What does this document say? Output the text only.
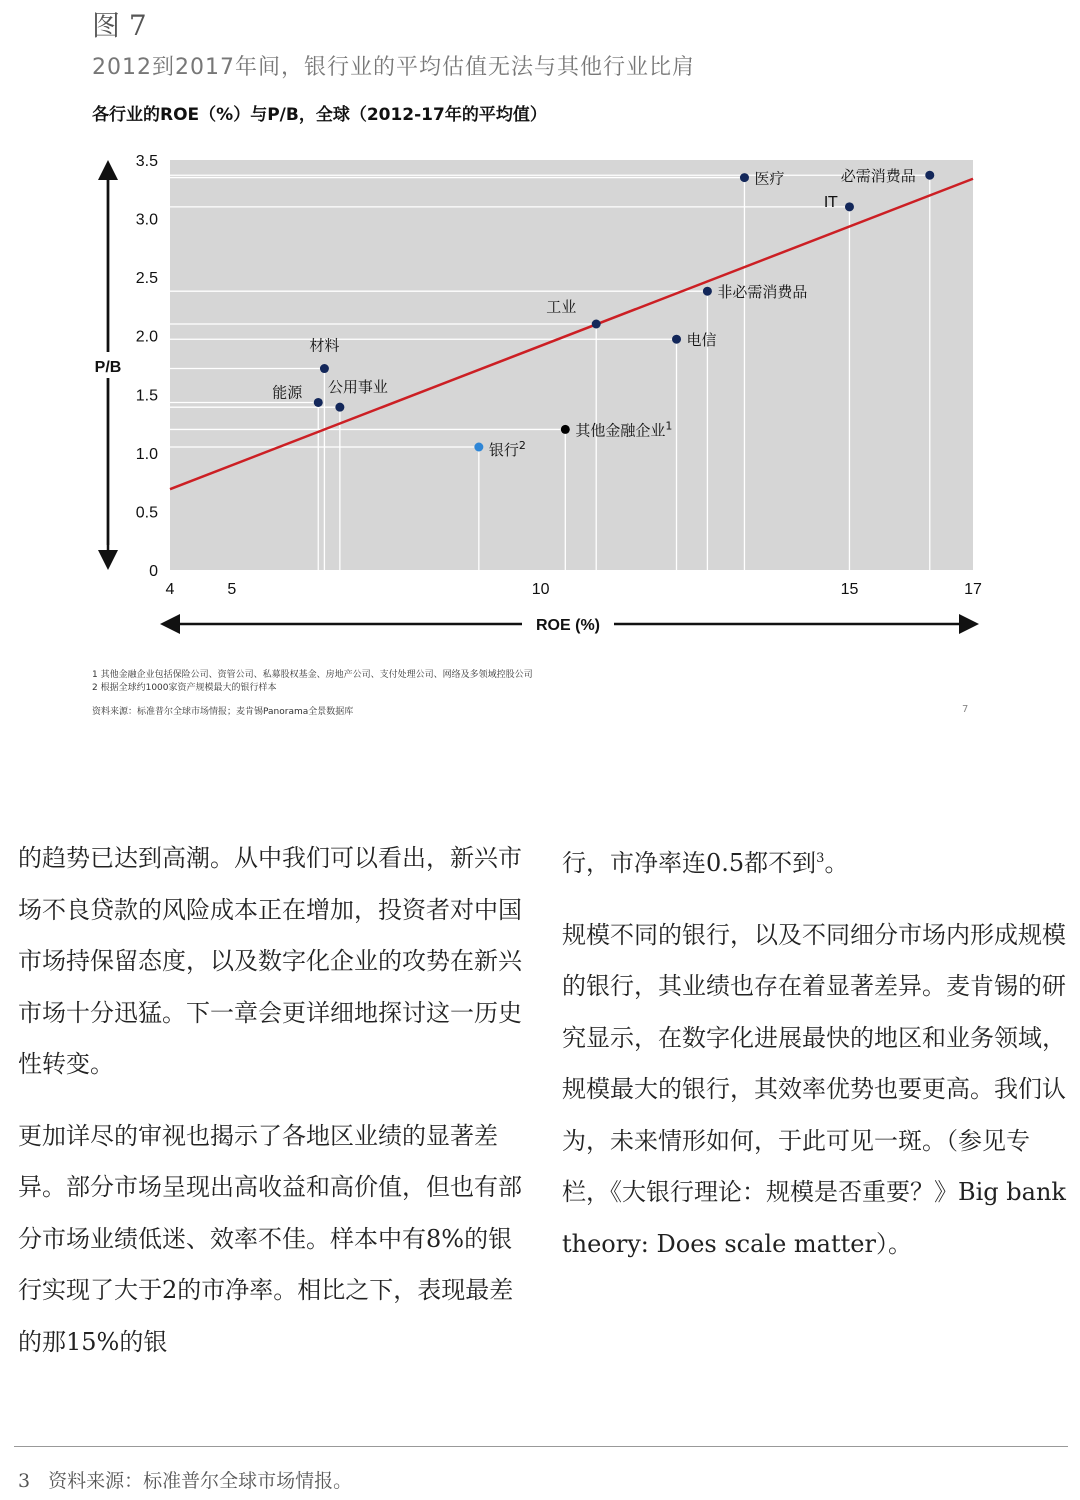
图 7
2012到2017年间，银行业的平均估值无法与其他行业比肩
各行业的ROE（%）与P/B，全球（2012-17年的平均值）
医疗	必需消费品
IT
非必需消费品
工业
电信
材料
能源 公用事业
其他金融企业$^1$
银行$^2$
0
0.5
1.0
1.5
2.0
2.5
3.0
3.5
4	5	10	15	17
P/B
ROE (%)
1 其他金融企业包括保险公司、资管公司、私募股权基金、房地产公司、支付处理公司、网络及多领域控股公司
2 根据全球约1000家资产规模最大的银行样本
资料来源：标准普尔全球市场情报；麦肯锡Panorama全景数据库	7

的趋势已达到高潮。从中我们可以看出，新兴市场不良贷款的风险成本正在增加，投资者对中国市场持保留态度，以及数字化企业的攻势在新兴市场十分迅猛。下一章会更详细地探讨这一历史性转变。

更加详尽的审视也揭示了各地区业绩的显著差异。部分市场呈现出高收益和高价值，但也有部分市场业绩低迷、效率不佳。样本中有8%的银行实现了大于2的市净率。相比之下，表现最差的那15%的银

行，市净率连0.5都不到$^3$。

规模不同的银行，以及不同细分市场内形成规模的银行，其业绩也存在着显著差异。麦肯锡的研究显示，在数字化进展最快的地区和业务领域，规模最大的银行，其效率优势也要更高。我们认为，未来情形如何，于此可见一斑。（参见专栏，《大银行理论：规模是否重要？》Big bank theory: Does scale matter）。

3 资料来源：标准普尔全球市场情报。
